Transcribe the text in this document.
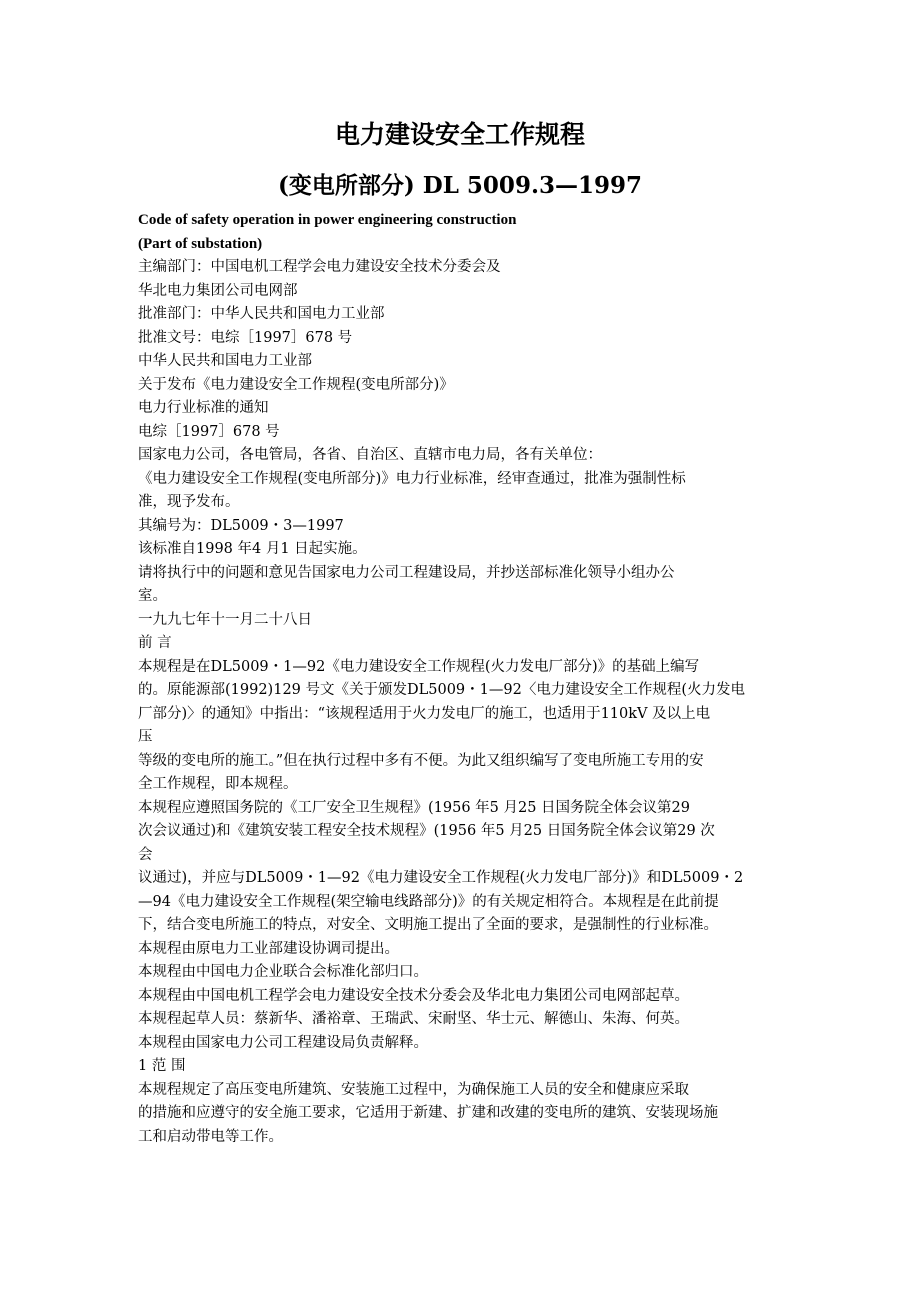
电力建设安全工作规程
(变电所部分) DL 5009.3—1997
Code of safety operation in power engineering construction
(Part of substation)
主编部门：中国电机工程学会电力建设安全技术分委会及
华北电力集团公司电网部
批准部门：中华人民共和国电力工业部
批准文号：电综［1997］678 号
中华人民共和国电力工业部
关于发布《电力建设安全工作规程(变电所部分)》
电力行业标准的通知
电综［1997］678 号
国家电力公司，各电管局，各省、自治区、直辖市电力局，各有关单位：
《电力建设安全工作规程(变电所部分)》电力行业标准，经审查通过，批准为强制性标
准，现予发布。
其编号为：DL5009・3—1997
该标准自1998 年4 月1 日起实施。
请将执行中的问题和意见告国家电力公司工程建设局，并抄送部标准化领导小组办公
室。
一九九七年十一月二十八日
前 言
本规程是在DL5009・1—92《电力建设安全工作规程(火力发电厂部分)》的基础上编写
的。原能源部(1992)129 号文《关于颁发DL5009・1—92〈电力建设安全工作规程(火力发电
厂部分)〉的通知》中指出：“该规程适用于火力发电厂的施工，也适用于110kV 及以上电
压
等级的变电所的施工。”但在执行过程中多有不便。为此又组织编写了变电所施工专用的安
全工作规程，即本规程。
本规程应遵照国务院的《工厂安全卫生规程》(1956 年5 月25 日国务院全体会议第29
次会议通过)和《建筑安装工程安全技术规程》(1956 年5 月25 日国务院全体会议第29 次
会
议通过)，并应与DL5009・1—92《电力建设安全工作规程(火力发电厂部分)》和DL5009・2
—94《电力建设安全工作规程(架空输电线路部分)》的有关规定相符合。本规程是在此前提
下，结合变电所施工的特点，对安全、文明施工提出了全面的要求，是强制性的行业标准。
本规程由原电力工业部建设协调司提出。
本规程由中国电力企业联合会标准化部归口。
本规程由中国电机工程学会电力建设安全技术分委会及华北电力集团公司电网部起草。
本规程起草人员：蔡新华、潘裕章、王瑞武、宋耐坚、华士元、解德山、朱海、何英。
本规程由国家电力公司工程建设局负责解释。
1 范 围
本规程规定了高压变电所建筑、安装施工过程中，为确保施工人员的安全和健康应采取
的措施和应遵守的安全施工要求，它适用于新建、扩建和改建的变电所的建筑、安装现场施
工和启动带电等工作。
